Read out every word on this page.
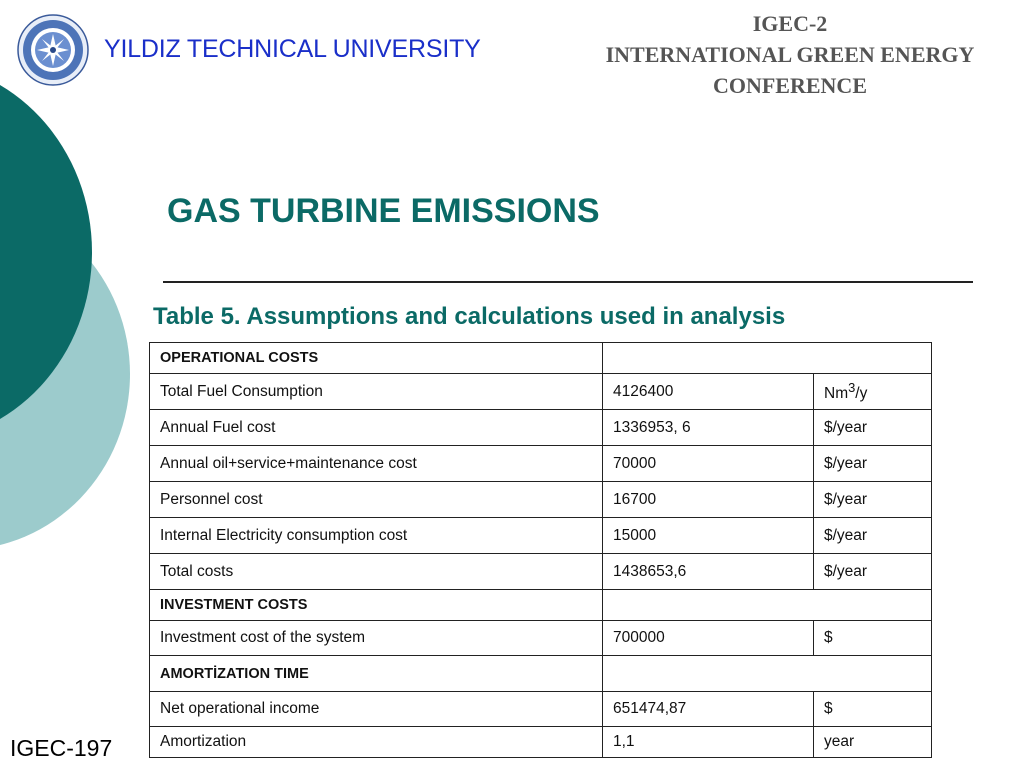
YILDIZ TECHNICAL UNIVERSITY
IGEC-2
INTERNATIONAL GREEN ENERGY
CONFERENCE
GAS TURBINE EMISSIONS
Table 5. Assumptions and calculations used in analysis
OPERATIONAL COSTS		
Total Fuel Consumption	4126400	Nm$^3$/y
Annual Fuel cost	1336953, 6	$/year
Annual oil+service+maintenance cost	70000	$/year
Personnel cost	16700	$/year
Internal Electricity consumption cost	15000	$/year
Total costs	1438653,6	$/year
INVESTMENT COSTS		
Investment cost of the system	700000	$
AMORTİZATION TIME		
Net operational income	651474,87	$
Amortization	1,1	year
IGEC-197
